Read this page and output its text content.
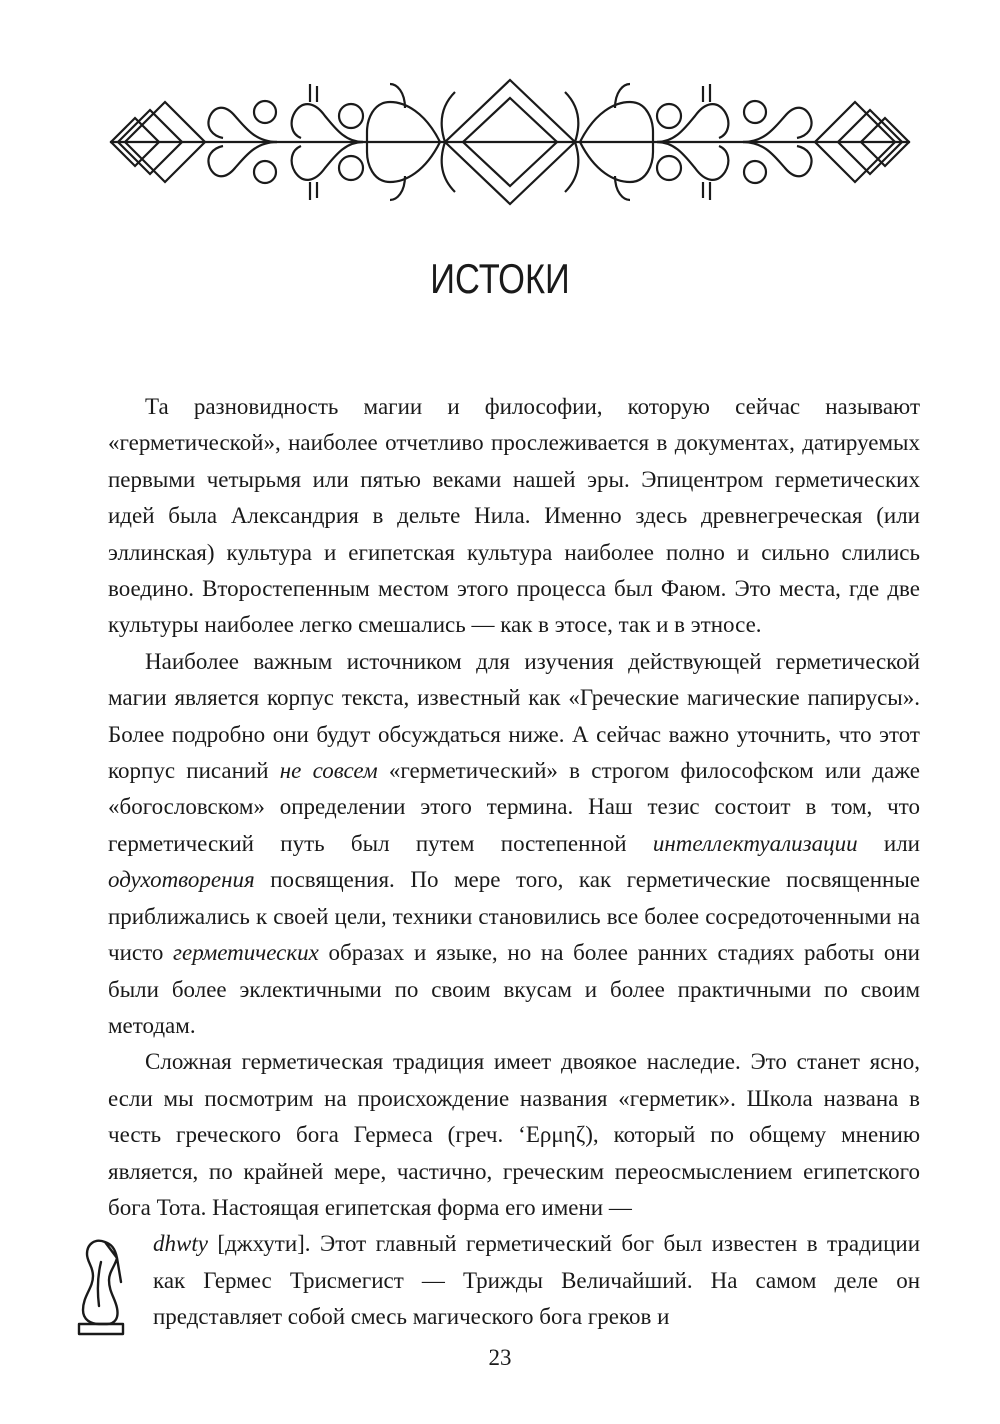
ИСТОКИ

Та разновидность магии и философии, которую сейчас называют «герметической», наиболее отчетливо прослеживается в документах, датируемых первыми четырьмя или пятью веками нашей эры. Эпицентром герметических идей была Александрия в дельте Нила. Именно здесь древнегреческая (или эллинская) культура и египетская культура наиболее полно и сильно слились воедино. Второстепенным местом этого процесса был Фаюм. Это места, где две культуры наиболее легко смешались — как в этосе, так и в этносе.

Наиболее важным источником для изучения действующей герметической магии является корпус текста, известный как «Греческие магические папирусы». Более подробно они будут обсуждаться ниже. А сейчас важно уточнить, что этот корпус писаний не совсем «герметический» в строгом философском или даже «богословском» определении этого термина. Наш тезис состоит в том, что герметический путь был путем постепенной интеллектуализации или одухотворения посвящения. По мере того, как герметические посвященные приближались к своей цели, техники становились все более сосредоточенными на чисто герметических образах и языке, но на более ранних стадиях работы они были более эклектичными по своим вкусам и более практичными по своим методам.

Сложная герметическая традиция имеет двоякое наследие. Это станет ясно, если мы посмотрим на происхождение названия «герметик». Школа названа в честь греческого бога Гермеса (греч. ‘Ερμηζ), который по общему мнению является, по крайней мере, частично, греческим переосмыслением египетского бога Тота. Настоящая египетская форма его имени —

dhwty [джхути]. Этот главный герметический бог был известен в традиции как Гермес Трисмегист — Трижды Величайший. На самом деле он представляет собой смесь магического бога греков и

23
